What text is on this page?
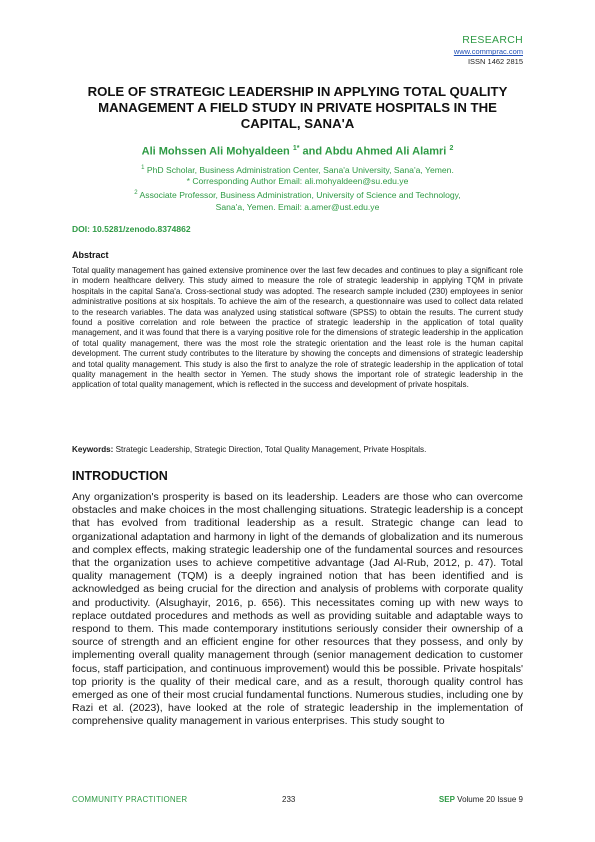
RESEARCH
www.commprac.com
ISSN 1462 2815
ROLE OF STRATEGIC LEADERSHIP IN APPLYING TOTAL QUALITY MANAGEMENT A FIELD STUDY IN PRIVATE HOSPITALS IN THE CAPITAL, SANA'A
Ali Mohssen Ali Mohyaldeen $^{1*}$ and Abdu Ahmed Ali Alamri $^2$
$^1$ PhD Scholar, Business Administration Center, Sana'a University, Sana'a, Yemen.
* Corresponding Author Email: ali.mohyaldeen@su.edu.ye
$^2$ Associate Professor, Business Administration, University of Science and Technology,
Sana'a, Yemen. Email: a.amer@ust.edu.ye
DOI: 10.5281/zenodo.8374862
Abstract
Total quality management has gained extensive prominence over the last few decades and continues to play a significant role in modern healthcare delivery. This study aimed to measure the role of strategic leadership in applying TQM in private hospitals in the capital Sana'a. Cross-sectional study was adopted. The research sample included (230) employees in senior administrative positions at six hospitals. To achieve the aim of the research, a questionnaire was used to collect data related to the research variables. The data was analyzed using statistical software (SPSS) to obtain the results. The current study found a positive correlation and role between the practice of strategic leadership in the application of total quality management, and it was found that there is a varying positive role for the dimensions of strategic leadership in the application of total quality management, there was the most role the strategic orientation and the least role is the human capital development. The current study contributes to the literature by showing the concepts and dimensions of strategic leadership and total quality management. This study is also the first to analyze the role of strategic leadership in the application of total quality management in the health sector in Yemen. The study shows the important role of strategic leadership in the application of total quality management, which is reflected in the success and development of private hospitals.
Keywords: Strategic Leadership, Strategic Direction, Total Quality Management, Private Hospitals.
INTRODUCTION
Any organization's prosperity is based on its leadership. Leaders are those who can overcome obstacles and make choices in the most challenging situations. Strategic leadership is a concept that has evolved from traditional leadership as a result. Strategic change can lead to organizational adaptation and harmony in light of the demands of globalization and its numerous and complex effects, making strategic leadership one of the fundamental sources and resources that the organization uses to achieve competitive advantage (Jad Al-Rub, 2012, p. 47). Total quality management (TQM) is a deeply ingrained notion that has been identified and is acknowledged as being crucial for the direction and analysis of problems with corporate quality and productivity. (Alsughayir, 2016, p. 656). This necessitates coming up with new ways to replace outdated procedures and methods as well as providing suitable and adaptable ways to respond to them. This made contemporary institutions seriously consider their ownership of a source of strength and an efficient engine for other resources that they possess, and only by implementing overall quality management through (senior management dedication to customer focus, staff participation, and continuous improvement) would this be possible. Private hospitals' top priority is the quality of their medical care, and as a result, thorough quality control has emerged as one of their most crucial fundamental functions. Numerous studies, including one by Razi et al. (2023), have looked at the role of strategic leadership in the implementation of comprehensive quality management in various enterprises. This study sought to
COMMUNITY PRACTITIONER	233	SEP Volume 20 Issue 9
